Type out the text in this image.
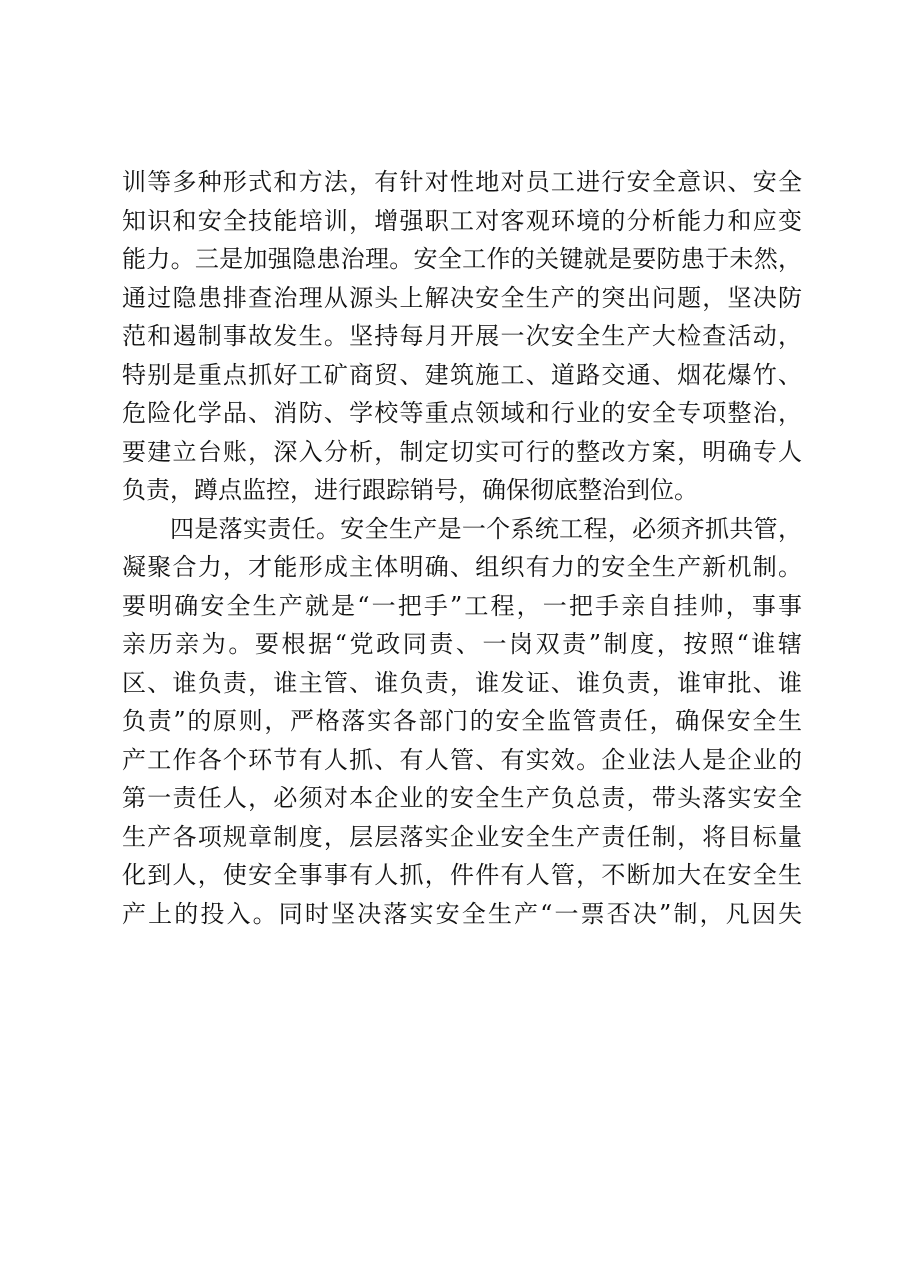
训等多种形式和方法，有针对性地对员工进行安全意识、安全
知识和安全技能培训，增强职工对客观环境的分析能力和应变
能力。三是加强隐患治理。安全工作的关键就是要防患于未然，
通过隐患排查治理从源头上解决安全生产的突出问题，坚决防
范和遏制事故发生。坚持每月开展一次安全生产大检查活动，
特别是重点抓好工矿商贸、建筑施工、道路交通、烟花爆竹、
危险化学品、消防、学校等重点领域和行业的安全专项整治，
要建立台账，深入分析，制定切实可行的整改方案，明确专人
负责，蹲点监控，进行跟踪销号，确保彻底整治到位。
四是落实责任。安全生产是一个系统工程，必须齐抓共管，
凝聚合力，才能形成主体明确、组织有力的安全生产新机制。
要明确安全生产就是“一把手”工程，一把手亲自挂帅，事事
亲历亲为。要根据“党政同责、一岗双责”制度，按照“谁辖
区、谁负责，谁主管、谁负责，谁发证、谁负责，谁审批、谁
负责”的原则，严格落实各部门的安全监管责任，确保安全生
产工作各个环节有人抓、有人管、有实效。企业法人是企业的
第一责任人，必须对本企业的安全生产负总责，带头落实安全
生产各项规章制度，层层落实企业安全生产责任制，将目标量
化到人，使安全事事有人抓，件件有人管，不断加大在安全生
产上的投入。同时坚决落实安全生产“一票否决”制，凡因失
